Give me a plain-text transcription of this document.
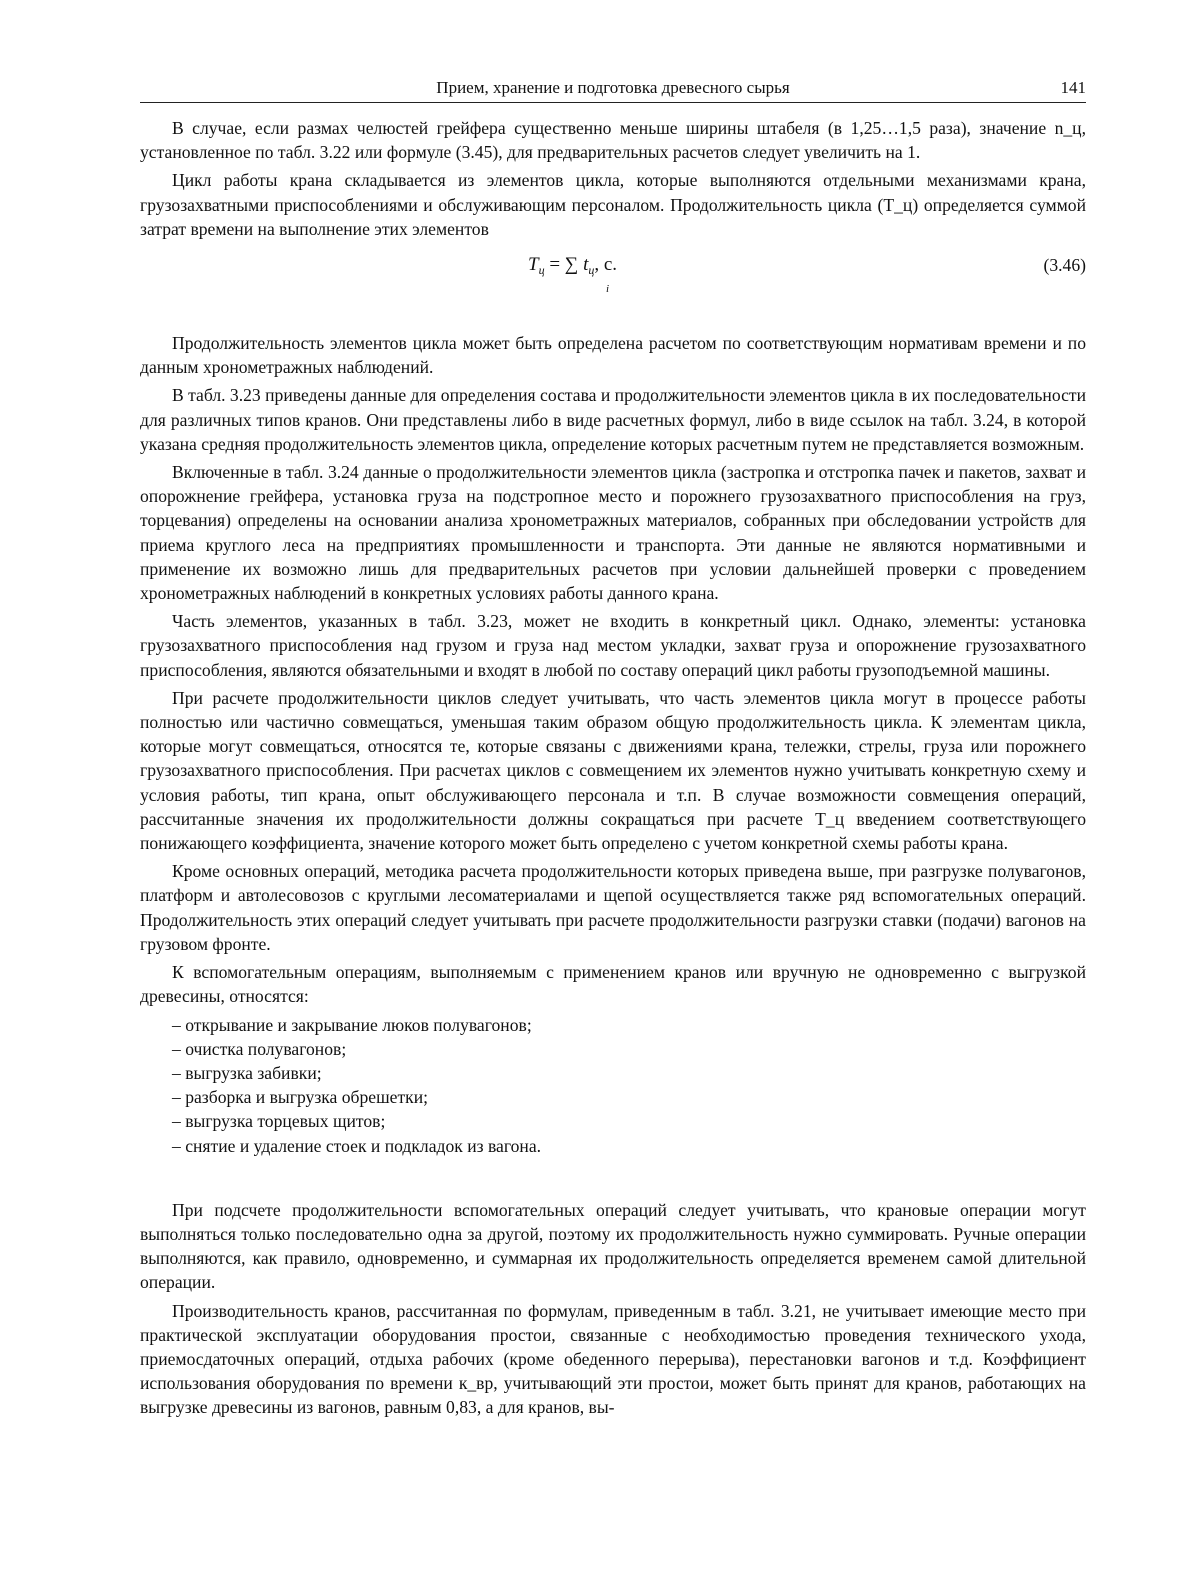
Прием, хранение и подготовка древесного сырья	141

В случае, если размах челюстей грейфера существенно меньше ширины штабеля (в 1,25…1,5 раза), значение n_ц, установленное по табл. 3.22 или формуле (3.45), для предварительных расчетов следует увеличить на 1.

Цикл работы крана складывается из элементов цикла, которые выполняются отдельными механизмами крана, грузозахватными приспособлениями и обслуживающим персоналом. Продолжительность цикла (T_ц) определяется суммой затрат времени на выполнение этих элементов

$T_ц$ = ∑ $t_ц$, с.
i
(3.46)

Продолжительность элементов цикла может быть определена расчетом по соответствующим нормативам времени и по данным хронометражных наблюдений.

В табл. 3.23 приведены данные для определения состава и продолжительности элементов цикла в их последовательности для различных типов кранов. Они представлены либо в виде расчетных формул, либо в виде ссылок на табл. 3.24, в которой указана средняя продолжительность элементов цикла, определение которых расчетным путем не представляется возможным.

Включенные в табл. 3.24 данные о продолжительности элементов цикла (застропка и отстропка пачек и пакетов, захват и опорожнение грейфера, установка груза на подстропное место и порожнего грузозахватного приспособления на груз, торцевания) определены на основании анализа хронометражных материалов, собранных при обследовании устройств для приема круглого леса на предприятиях промышленности и транспорта. Эти данные не являются нормативными и применение их возможно лишь для предварительных расчетов при условии дальнейшей проверки с проведением хронометражных наблюдений в конкретных условиях работы данного крана.

Часть элементов, указанных в табл. 3.23, может не входить в конкретный цикл. Однако, элементы: установка грузозахватного приспособления над грузом и груза над местом укладки, захват груза и опорожнение грузозахватного приспособления, являются обязательными и входят в любой по составу операций цикл работы грузоподъемной машины.

При расчете продолжительности циклов следует учитывать, что часть элементов цикла могут в процессе работы полностью или частично совмещаться, уменьшая таким образом общую продолжительность цикла. К элементам цикла, которые могут совмещаться, относятся те, которые связаны с движениями крана, тележки, стрелы, груза или порожнего грузозахватного приспособления. При расчетах циклов с совмещением их элементов нужно учитывать конкретную схему и условия работы, тип крана, опыт обслуживающего персонала и т.п. В случае возможности совмещения операций, рассчитанные значения их продолжительности должны сокращаться при расчете T_ц введением соответствующего понижающего коэффициента, значение которого может быть определено с учетом конкретной схемы работы крана.

Кроме основных операций, методика расчета продолжительности которых приведена выше, при разгрузке полувагонов, платформ и автолесовозов с круглыми лесоматериалами и щепой осуществляется также ряд вспомогательных операций. Продолжительность этих операций следует учитывать при расчете продолжительности разгрузки ставки (подачи) вагонов на грузовом фронте.

К вспомогательным операциям, выполняемым с применением кранов или вручную не одновременно с выгрузкой древесины, относятся:

– открывание и закрывание люков полувагонов;
– очистка полувагонов;
– выгрузка забивки;
– разборка и выгрузка обрешетки;
– выгрузка торцевых щитов;
– снятие и удаление стоек и подкладок из вагона.

При подсчете продолжительности вспомогательных операций следует учитывать, что крановые операции могут выполняться только последовательно одна за другой, поэтому их продолжительность нужно суммировать. Ручные операции выполняются, как правило, одновременно, и суммарная их продолжительность определяется временем самой длительной операции.

Производительность кранов, рассчитанная по формулам, приведенным в табл. 3.21, не учитывает имеющие место при практической эксплуатации оборудования простои, связанные с необходимостью проведения технического ухода, приемосдаточных операций, отдыха рабочих (кроме обеденного перерыва), перестановки вагонов и т.д. Коэффициент использования оборудования по времени к_вр, учитывающий эти простои, может быть принят для кранов, работающих на выгрузке древесины из вагонов, равным 0,83, а для кранов, вы-
